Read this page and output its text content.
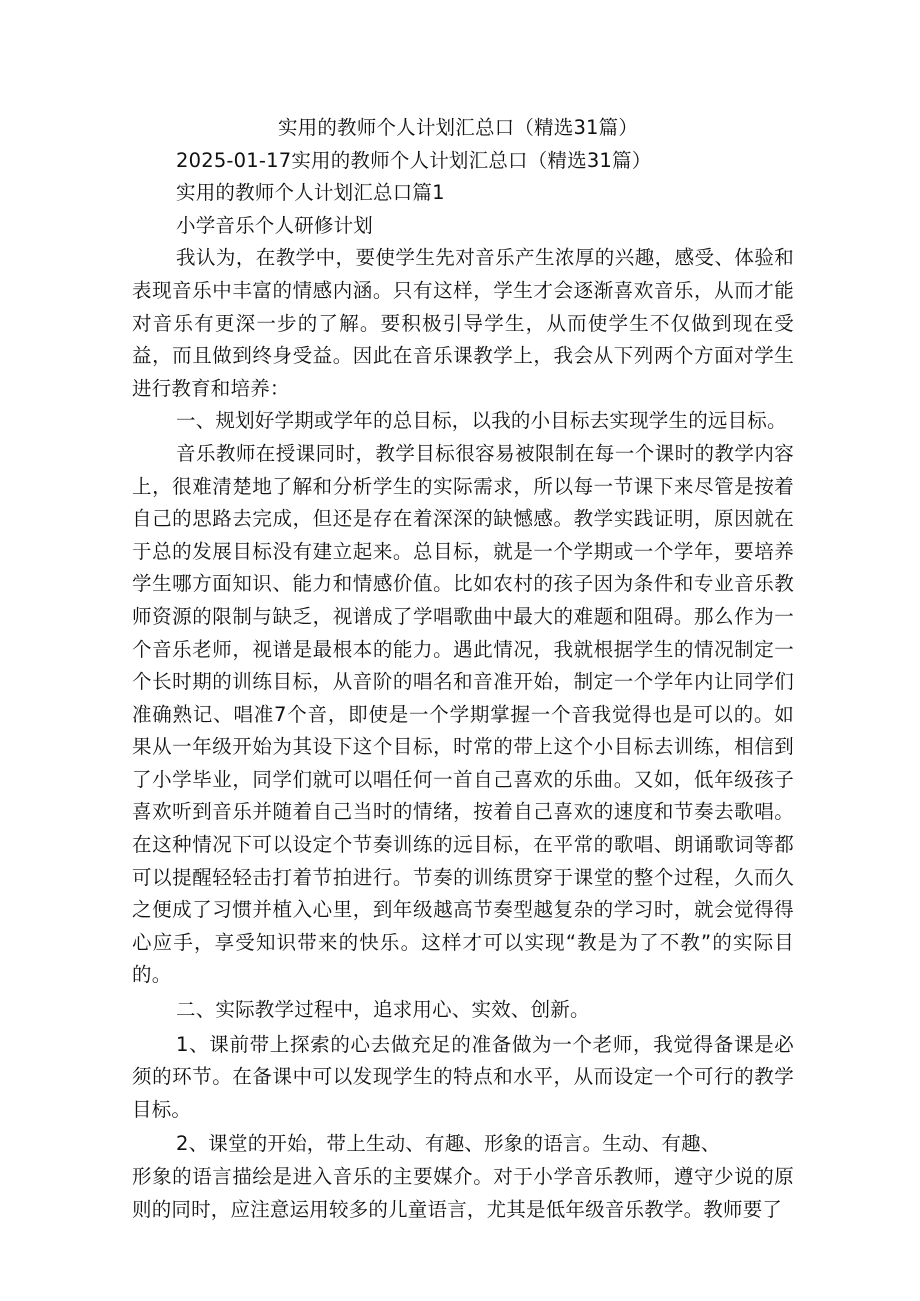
实用的教师个人计划汇总口（精选31篇）
2025-01-17实用的教师个人计划汇总口（精选31篇）
实用的教师个人计划汇总口篇1
小学音乐个人研修计划

我认为，在教学中，要使学生先对音乐产生浓厚的兴趣，感受、体验和表现音乐中丰富的情感内涵。只有这样，学生才会逐渐喜欢音乐，从而才能对音乐有更深一步的了解。要积极引导学生，从而使学生不仅做到现在受益，而且做到终身受益。因此在音乐课教学上，我会从下列两个方面对学生进行教育和培养：

一、规划好学期或学年的总目标，以我的小目标去实现学生的远目标。

音乐教师在授课同时，教学目标很容易被限制在每一个课时的教学内容上，很难清楚地了解和分析学生的实际需求，所以每一节课下来尽管是按着自己的思路去完成，但还是存在着深深的缺憾感。教学实践证明，原因就在于总的发展目标没有建立起来。总目标，就是一个学期或一个学年，要培养学生哪方面知识、能力和情感价值。比如农村的孩子因为条件和专业音乐教师资源的限制与缺乏，视谱成了学唱歌曲中最大的难题和阻碍。那么作为一个音乐老师，视谱是最根本的能力。遇此情况，我就根据学生的情况制定一个长时期的训练目标，从音阶的唱名和音准开始，制定一个学年内让同学们准确熟记、唱准7个音，即使是一个学期掌握一个音我觉得也是可以的。如果从一年级开始为其设下这个目标，时常的带上这个小目标去训练，相信到了小学毕业，同学们就可以唱任何一首自己喜欢的乐曲。又如，低年级孩子喜欢听到音乐并随着自己当时的情绪，按着自己喜欢的速度和节奏去歌唱。在这种情况下可以设定个节奏训练的远目标，在平常的歌唱、朗诵歌词等都可以提醒轻轻击打着节拍进行。节奏的训练贯穿于课堂的整个过程，久而久之便成了习惯并植入心里，到年级越高节奏型越复杂的学习时，就会觉得得心应手，享受知识带来的快乐。这样才可以实现“教是为了不教”的实际目的。

二、实际教学过程中，追求用心、实效、创新。

1、课前带上探索的心去做充足的准备做为一个老师，我觉得备课是必须的环节。在备课中可以发现学生的特点和水平，从而设定一个可行的教学目标。

2、课堂的开始，带上生动、有趣、形象的语言。生动、有趣、

形象的语言描绘是进入音乐的主要媒介。对于小学音乐教师，遵守少说的原则的同时，应注意运用较多的儿童语言，尤其是低年级音乐教学。教师要了
